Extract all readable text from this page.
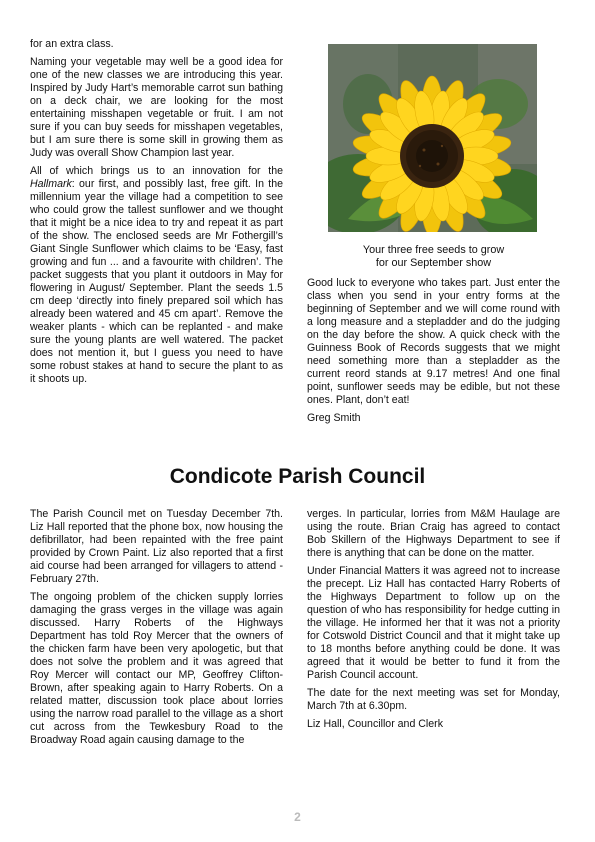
for an extra class.

Naming your vegetable may well be a good idea for one of the new classes we are introducing this year. Inspired by Judy Hart’s memorable carrot sun bathing on a deck chair, we are looking for the most entertaining misshapen vegetable or fruit. I am not sure if you can buy seeds for misshapen vegetables, but I am sure there is some skill in growing them as Judy was overall Show Champion last year.

All of which brings us to an innovation for the Hallmark: our first, and possibly last, free gift. In the millennium year the village had a competition to see who could grow the tallest sunflower and we thought that it might be a nice idea to try and repeat it as part of the show. The enclosed seeds are Mr Fothergill’s Giant Single Sunflower which claims to be ‘Easy, fast growing and fun ... and a favourite with children’. The packet suggests that you plant it outdoors in May for flowering in August/ September. Plant the seeds 1.5 cm deep ‘directly into finely prepared soil which has already been watered and 45 cm apart’. Remove the weaker plants - which can be replanted - and make sure the young plants are well watered. The packet does not mention it, but I guess you need to have some robust stakes at hand to secure the plant to as it shoots up.

Your three free seeds to grow
for our September show

Good luck to everyone who takes part. Just enter the class when you send in your entry forms at the beginning of September and we will come round with a long measure and a stepladder and do the judging on the day before the show. A quick check with the Guinness Book of Records suggests that we might need something more than a stepladder as the current reord stands at 9.17 metres! And one final point, sunflower seeds may be edible, but not these ones. Plant, don’t eat!

Greg Smith

Condicote Parish Council

The Parish Council met on Tuesday December 7th. Liz Hall reported that the phone box, now housing the defibrillator, had been repainted with the free paint provided by Crown Paint. Liz also reported that a first aid course had been arranged for villagers to attend - February 27th.

The ongoing problem of the chicken supply lorries damaging the grass verges in the village was again discussed. Harry Roberts of the Highways Department has told Roy Mercer that the owners of the chicken farm have been very apologetic, but that does not solve the problem and it was agreed that Roy Mercer will contact our MP, Geoffrey Clifton-Brown, after speaking again to Harry Roberts. On a related matter, discussion took place about lorries using the narrow road parallel to the village as a short cut across from the Tewkesbury Road to the Broadway Road again causing damage to the

verges. In particular, lorries from M&M Haulage are using the route. Brian Craig has agreed to contact Bob Skillern of the Highways Department to see if there is anything that can be done on the matter.

Under Financial Matters it was agreed not to increase the precept. Liz Hall has contacted Harry Roberts of the Highways Department to follow up on the question of who has responsibility for hedge cutting in the village. He informed her that it was not a priority for Cotswold District Council and that it might take up to 18 months before anything could be done. It was agreed that it would be better to fund it from the Parish Council account.

The date for the next meeting was set for Monday, March 7th at 6.30pm.

Liz Hall, Councillor and Clerk

2
